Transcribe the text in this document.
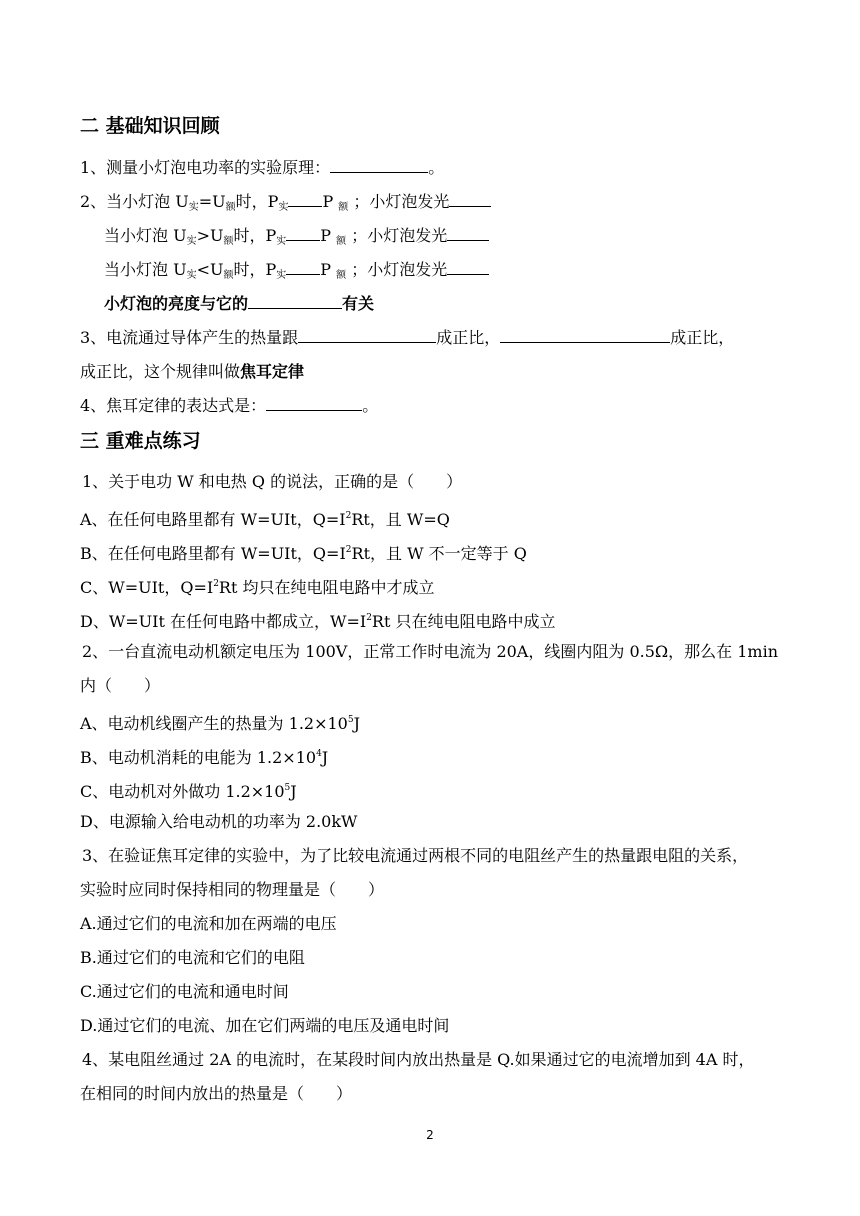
二 基础知识回顾
1、测量小灯泡电功率的实验原理：	。
2、当小灯泡 $U_实=U_额$时，$P_实$ P $_额$ ；小灯泡发光
当小灯泡 $U_实>U_额$时，$P_实$ P $_额$ ；小灯泡发光
当小灯泡 $U_实<U_额$时，$P_实$ P $_额$ ；小灯泡发光
小灯泡的亮度与它的	有关
3、电流通过导体产生的热量跟	成正比，	成正比，
成正比，这个规律叫做焦耳定律
4、焦耳定律的表达式是：	。
三 重难点练习
1、关于电功 W 和电热 Q 的说法，正确的是（　　）
A、在任何电路里都有 W=UIt，$Q=I^2Rt$，且 W=Q
B、在任何电路里都有 W=UIt，$Q=I^2Rt$，且 W 不一定等于 Q
C、W=UIt，$Q=I^2Rt$ 均只在纯电阻电路中才成立
D、W=UIt 在任何电路中都成立，$W=I^2Rt$ 只在纯电阻电路中成立
2、一台直流电动机额定电压为 100V，正常工作时电流为 20A，线圈内阻为 0.5Ω，那么在 1min
内（　　）
A、电动机线圈产生的热量为 $1.2\times 10^5J$
B、电动机消耗的电能为 $1.2\times 10^4J$
C、电动机对外做功 $1.2\times 10^5J$
D、电源输入给电动机的功率为 2.0kW
3、在验证焦耳定律的实验中，为了比较电流通过两根不同的电阻丝产生的热量跟电阻的关系，
实验时应同时保持相同的物理量是（　　）
A.通过它们的电流和加在两端的电压
B.通过它们的电流和它们的电阻
C.通过它们的电流和通电时间
D.通过它们的电流、加在它们两端的电压及通电时间
4、某电阻丝通过 2A 的电流时，在某段时间内放出热量是 Q.如果通过它的电流增加到 4A 时，
在相同的时间内放出的热量是（　　）
2
